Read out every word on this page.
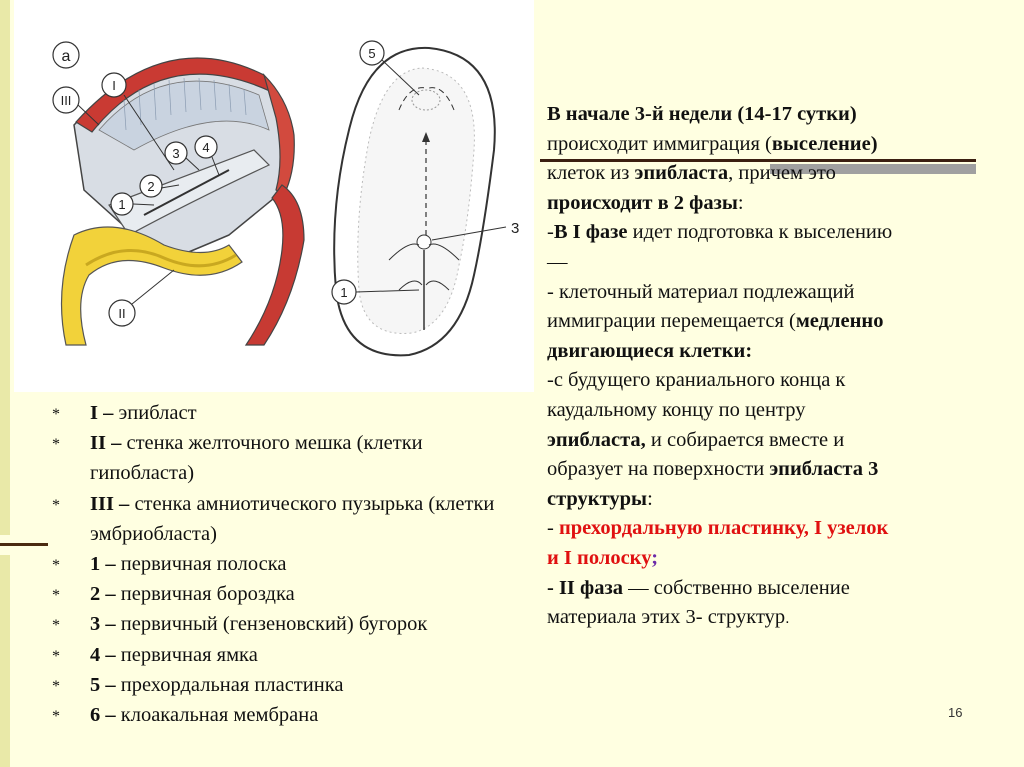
a
I
III
II
1
2
3 4
5
3
1

В начале 3-й недели (14-17 сутки)

происходит иммиграция (выселение)

клеток из эпибласта, причем это

происходит в 2 фазы:

-В I фазе идет подготовка к выселению

—

- клеточный материал подлежащий

иммиграции перемещается (медленно

двигающиеся клетки:

-с будущего краниального конца к

каудальному концу по центру

эпибласта, и собирается вместе и

образует на поверхности эпибласта 3

структуры:

- прехордальную пластинку, I узелок

и I полоску;

- II фаза — собственно выселение

материала этих 3- структур.

* I – эпибласт
* II – стенка желточного мешка (клетки гипобласта)
* III – стенка амниотического пузырька (клетки эмбриобласта)
* 1 – первичная полоска
* 2 – первичная бороздка
* 3 – первичный (гензеновский) бугорок
* 4 – первичная ямка
* 5 – прехордальная пластинка
* 6 – клоакальная мембрана	16
